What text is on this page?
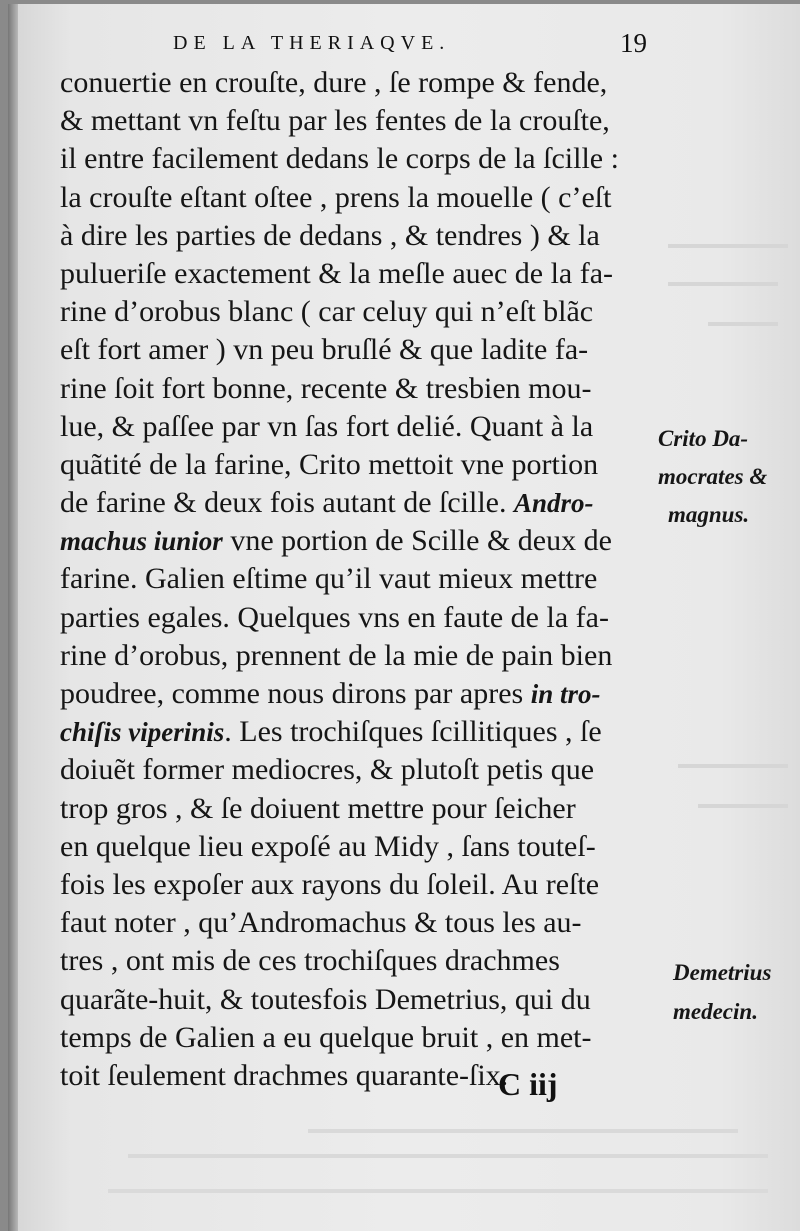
DE LA THERIAQVE.	19
conuertie en crouſte, dure , ſe rompe & fende,
& mettant vn feſtu par les fentes de la crouſte,
il entre facilement dedans le corps de la ſcille :
la crouſte eſtant oſtee , prens la mouelle ( c’eſt
à dire les parties de dedans , & tendres ) & la
pulueriſe exactement & la meſle auec de la fa-
rine d’orobus blanc ( car celuy qui n’eſt blãc
eſt fort amer ) vn peu bruſlé & que ladite fa-
rine ſoit fort bonne, recente & tresbien mou-
lue, & paſſee par vn ſas fort delié. Quant à la
quãtité de la farine, Crito mettoit vne portion
de farine & deux fois autant de ſcille. Andro-
machus iunior vne portion de Scille & deux de
farine. Galien eſtime qu’il vaut mieux mettre
parties egales. Quelques vns en faute de la fa-
rine d’orobus, prennent de la mie de pain bien
poudree, comme nous dirons par apres in tro-
chiſis viperinis. Les trochiſques ſcillitiques , ſe
doiuẽt former mediocres, & plutoſt petis que
trop gros , & ſe doiuent mettre pour ſeicher
en quelque lieu expoſé au Midy , ſans touteſ-
fois les expoſer aux rayons du ſoleil. Au reſte
faut noter , qu’Andromachus & tous les au-
tres , ont mis de ces trochiſques drachmes
quarãte-huit, & toutesfois Demetrius, qui du
temps de Galien a eu quelque bruit , en met-
toit ſeulement drachmes quarante-ſix.
Crito Da-
mocrates &
magnus.
Demetrius
medecin.
C iij
